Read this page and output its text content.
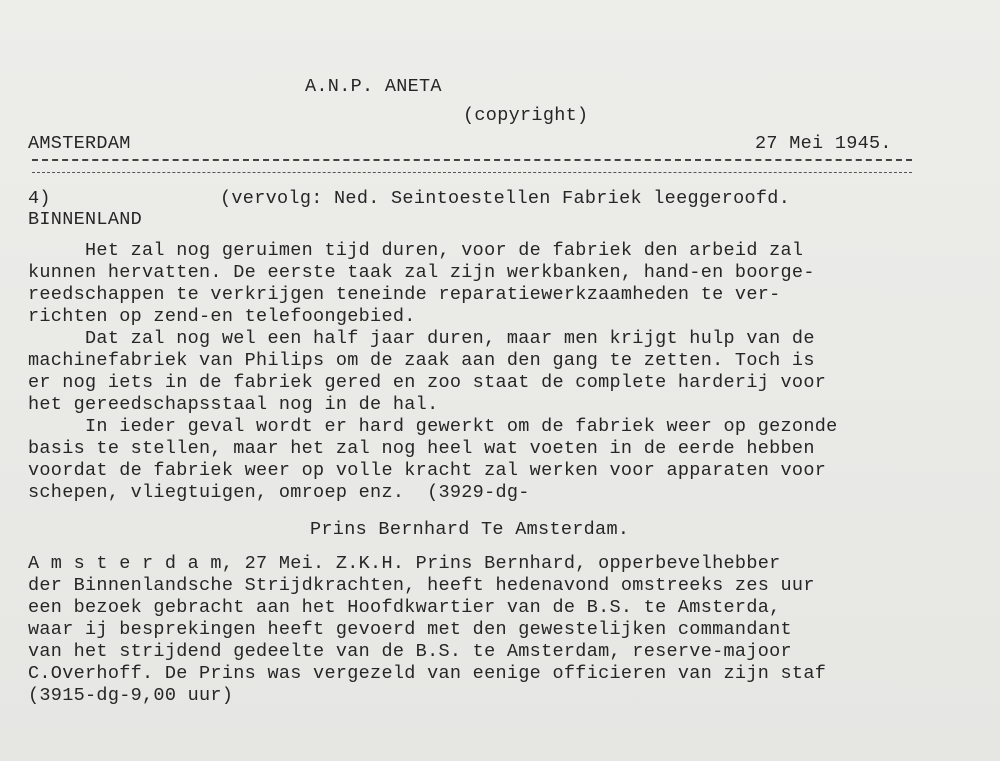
A.N.P. ANETA
(copyright)
AMSTERDAM	27 Mei 1945.
4)	(vervolg: Ned. Seintoestellen Fabriek leeggeroofd.
BINNENLAND
Het zal nog geruimen tijd duren, voor de fabriek den arbeid zal
kunnen hervatten. De eerste taak zal zijn werkbanken, hand-en boorge-
reedschappen te verkrijgen teneinde reparatiewerkzaamheden te ver-
richten op zend-en telefoongebied.
Dat zal nog wel een half jaar duren, maar men krijgt hulp van de
machinefabriek van Philips om de zaak aan den gang te zetten. Toch is
er nog iets in de fabriek gered en zoo staat de complete harderij voor
het gereedschapsstaal nog in de hal.
In ieder geval wordt er hard gewerkt om de fabriek weer op gezonde
basis te stellen, maar het zal nog heel wat voeten in de eerde hebben
voordat de fabriek weer op volle kracht zal werken voor apparaten voor
schepen, vliegtuigen, omroep enz.  (3929-dg-
Prins Bernhard Te Amsterdam.
A m s t e r d a m, 27 Mei. Z.K.H. Prins Bernhard, opperbevelhebber
der Binnenlandsche Strijdkrachten, heeft hedenavond omstreeks zes uur
een bezoek gebracht aan het Hoofdkwartier van de B.S. te Amsterda,
waar ij besprekingen heeft gevoerd met den gewestelijken commandant
van het strijdend gedeelte van de B.S. te Amsterdam, reserve-majoor
C.Overhoff. De Prins was vergezeld van eenige officieren van zijn staf
(3915-dg-9,00 uur)
